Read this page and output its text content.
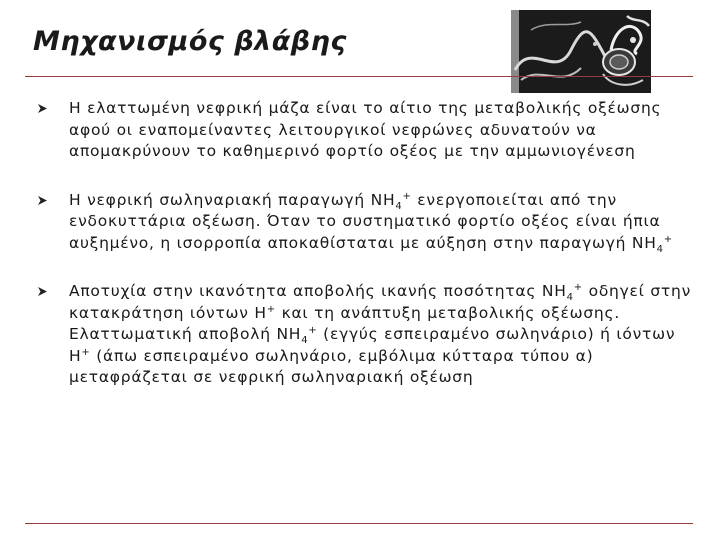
Μηχανισμός βλάβης
Η ελαττωμένη νεφρική μάζα είναι το αίτιο της μεταβολικής οξέωσης αφού οι εναπομείναντες λειτουργικοί νεφρώνες αδυνατούν να απομακρύνουν το καθημερινό φορτίο οξέος με την αμμωνιογένεση
Η νεφρική σωληναριακή παραγωγή $NH_4^+$ ενεργοποιείται από την ενδοκυττάρια οξέωση. Όταν το συστηματικό φορτίο οξέος είναι ήπια αυξημένο, η ισορροπία αποκαθίσταται με αύξηση στην παραγωγή $NH_4^+$
Αποτυχία στην ικανότητα αποβολής ικανής ποσότητας $NH_4^+$ οδηγεί στην κατακράτηση ιόντων H+ και τη ανάπτυξη μεταβολικής οξέωσης. Ελαττωματική αποβολή $NH_4^+$ (εγγύς εσπειραμένο σωληνάριο) ή ιόντων H+ (άπω εσπειραμένο σωληνάριο, εμβόλιμα κύτταρα τύπου α) μεταφράζεται σε νεφρική σωληναριακή οξέωση
